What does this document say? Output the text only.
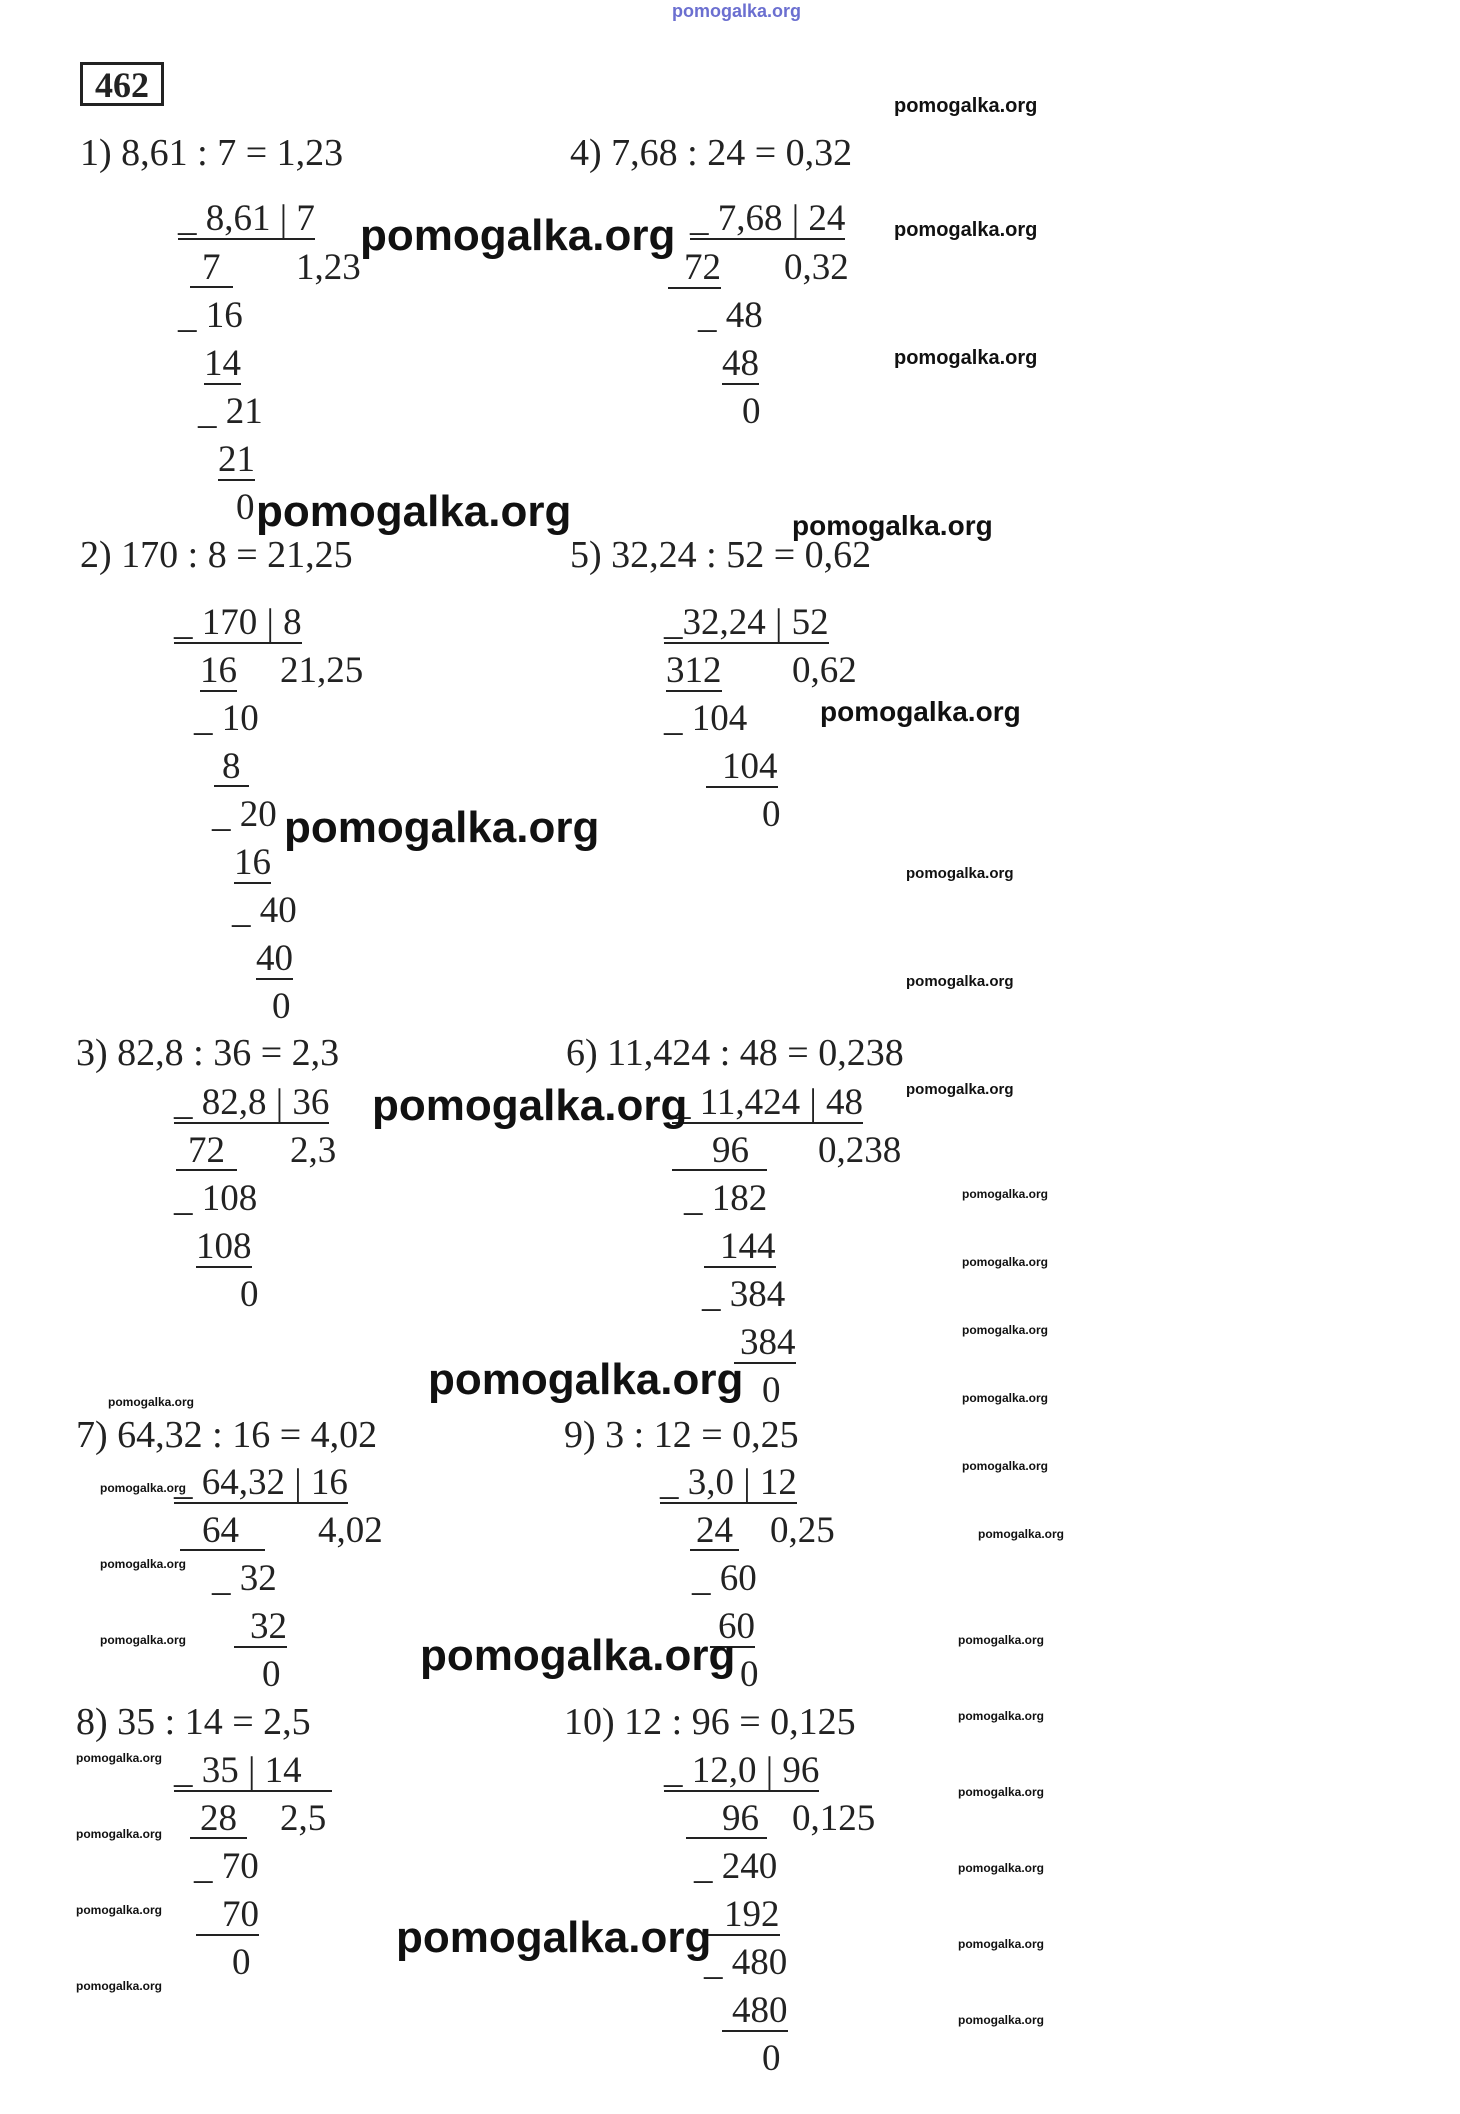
pomogalka.org
462
1) 8,61 : 7 = 1,23
_ 8,61 | 7
7	1,23
_ 16
14
_ 21
21
0
4) 7,68 : 24 = 0,32
_ 7,68 | 24
72 0,32
_ 48
48
0
2) 170 : 8 = 21,25
_ 170 | 8
16 21,25
_ 10
8
_ 20
16
_ 40
40
0
5) 32,24 : 52 = 0,62
_32,24 | 52
312 0,62
_ 104
104
0
3) 82,8 : 36 = 2,3
_ 82,8 | 36
72	2,3
_ 108
108
0
6) 11,424 : 48 = 0,238
_ 11,424 | 48
96	0,238
_ 182
144
_ 384
384
0
7) 64,32 : 16 = 4,02
_ 64,32 | 16
64	4,02
_ 32
32
0
9) 3 : 12 = 0,25
_ 3,0 | 12
24 0,25
_ 60
60
0
8) 35 : 14 = 2,5
_ 35 | 14
28 2,5
_ 70
70
0
10) 12 : 96 = 0,125
_ 12,0 | 96
96 0,125
_ 240
192
_ 480
480
0
pomogalka.org
pomogalka.org
pomogalka.org
pomogalka.org
pomogalka.org
pomogalka.org
pomogalka.org
pomogalka.org
pomogalka.org
pomogalka.org
pomogalka.org
pomogalka.org
pomogalka.org
pomogalka.org
pomogalka.org
pomogalka.org
pomogalka.org
pomogalka.org
pomogalka.org
pomogalka.org
pomogalka.org
pomogalka.org
pomogalka.org
pomogalka.org
pomogalka.org
pomogalka.org
pomogalka.org
pomogalka.org
pomogalka.org
pomogalka.org
pomogalka.org
pomogalka.org
pomogalka.org
pomogalka.org
pomogalka.org
